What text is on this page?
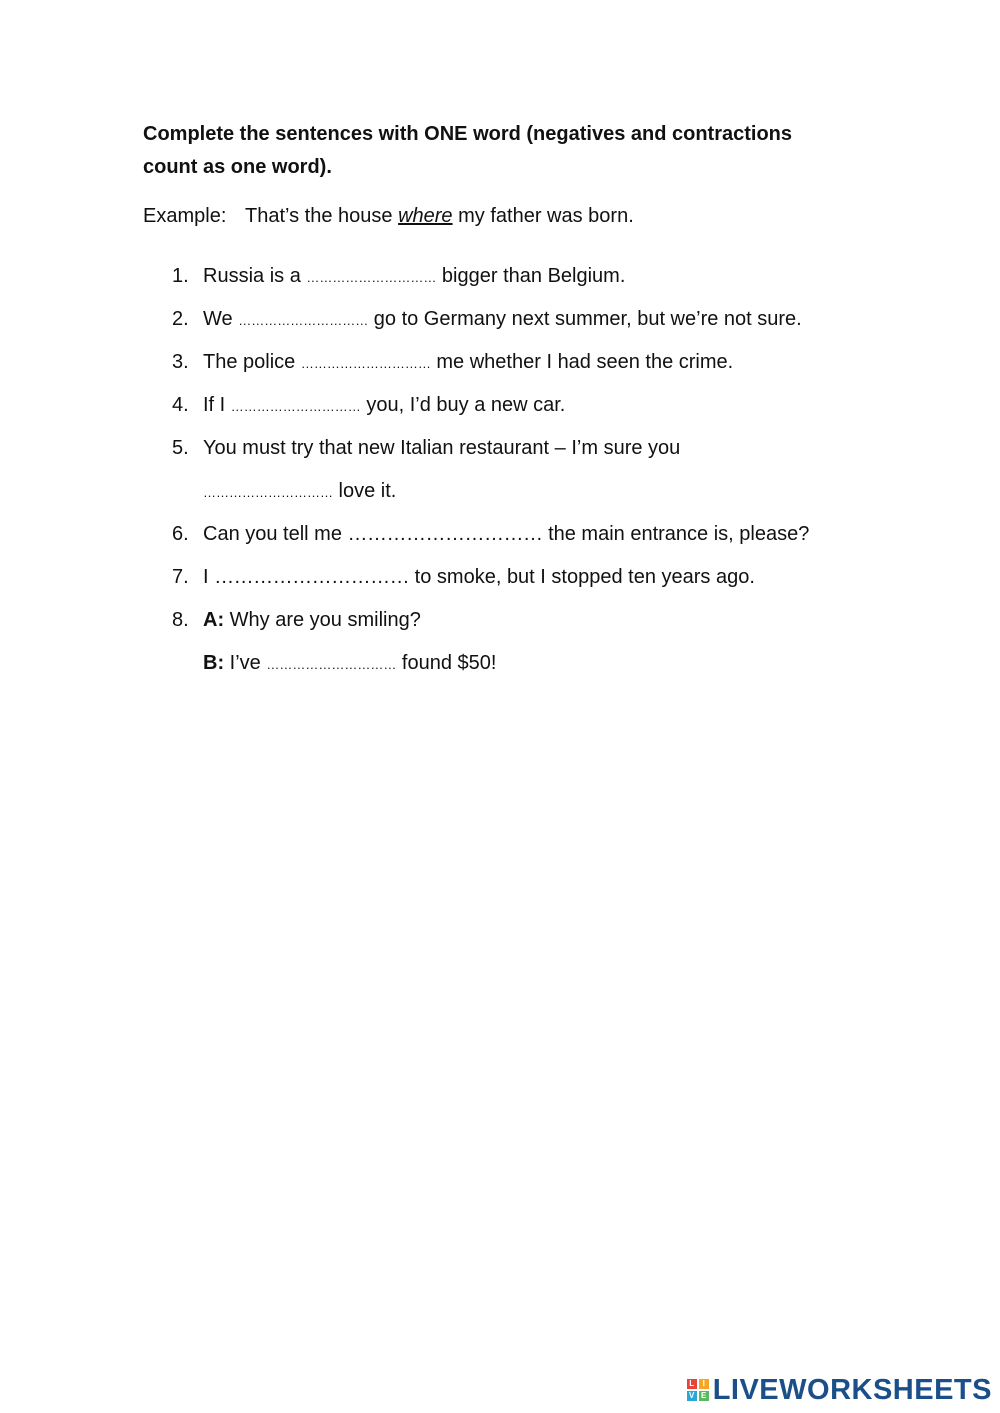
Complete the sentences with ONE word (negatives and contractions count as one word).

Example: That’s the house where my father was born.

1. Russia is a ………………………… bigger than Belgium.

2. We ………………………… go to Germany next summer, but we’re not sure.

3. The police ………………………… me whether I had seen the crime.

4. If I ………………………… you, I’d buy a new car.

5. You must try that new Italian restaurant – I’m sure you

………………………… love it.

6. Can you tell me ………………………… the main entrance is, please?

7. I ………………………… to smoke, but I stopped ten years ago.

8. A: Why are you smiling?

B: I’ve ………………………… found $50!

L	I
V E LIVEWORKSHEETS
